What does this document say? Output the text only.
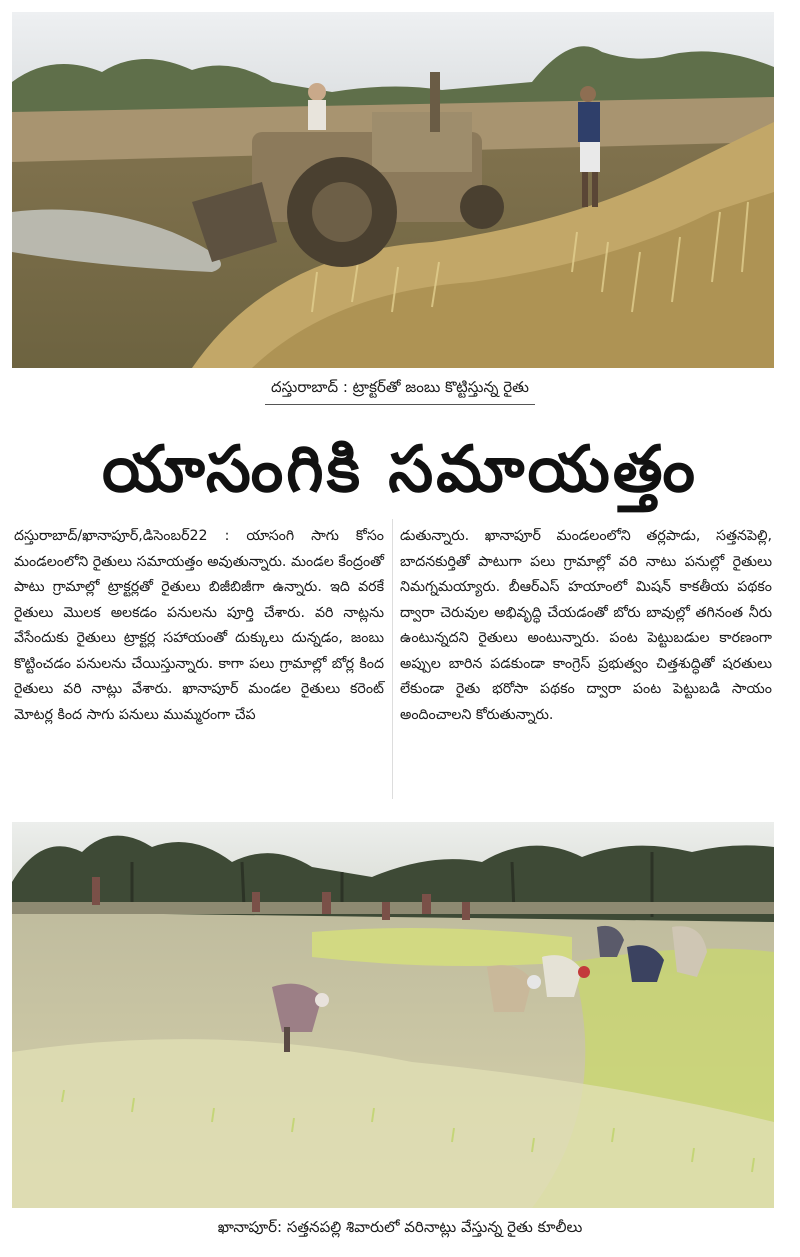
దస్తురాబాద్ : ట్రాక్టర్‌తో జంబు కొట్టిస్తున్న రైతు
యాసంగికి సమాయత్తం

దస్తురాబాద్/ఖానాపూర్,డిసెంబర్22 : యాసంగి సాగు కోసం మండలంలోని రైతులు సమాయత్తం అవుతున్నారు. మండల కేంద్రంతో పాటు గ్రామాల్లో ట్రాక్టర్లతో రైతులు బిజీబిజీగా ఉన్నారు. ఇది వరకే రైతులు మొలక అలకడం పనులను పూర్తి చేశారు. వరి నాట్లను వేసేందుకు రైతులు ట్రాక్టర్ల సహాయంతో దుక్కులు దున్నడం, జంబు కొట్టించడం పనులను చేయిస్తున్నారు. కాగా పలు గ్రామాల్లో బోర్ల కింద రైతులు వరి నాట్లు వేశారు. ఖానాపూర్ మండల రైతులు కరెంట్ మోటర్ల కింద సాగు పనులు ముమ్మరంగా చేప

డుతున్నారు. ఖానాపూర్ మండలంలోని తర్లపాడు, సత్తనపెల్లి, బాదనకుర్తితో పాటుగా పలు గ్రామాల్లో వరి నాటు పనుల్లో రైతులు నిమగ్నమయ్యారు. బీఆర్ఎస్ హయాంలో మిషన్ కాకతీయ పథకం ద్వారా చెరువుల అభివృద్ధి చేయడంతో బోరు బావుల్లో తగినంత నీరు ఉంటున్నదని రైతులు అంటున్నారు. పంట పెట్టుబడుల కారణంగా అప్పుల బారిన పడకుండా కాంగ్రెస్ ప్రభుత్వం చిత్తశుద్ధితో షరతులు లేకుండా రైతు భరోసా పథకం ద్వారా పంట పెట్టుబడి సాయం అందించాలని కోరుతున్నారు.

ఖానాపూర్: సత్తనపల్లి శివారులో వరినాట్లు వేస్తున్న రైతు కూలీలు
